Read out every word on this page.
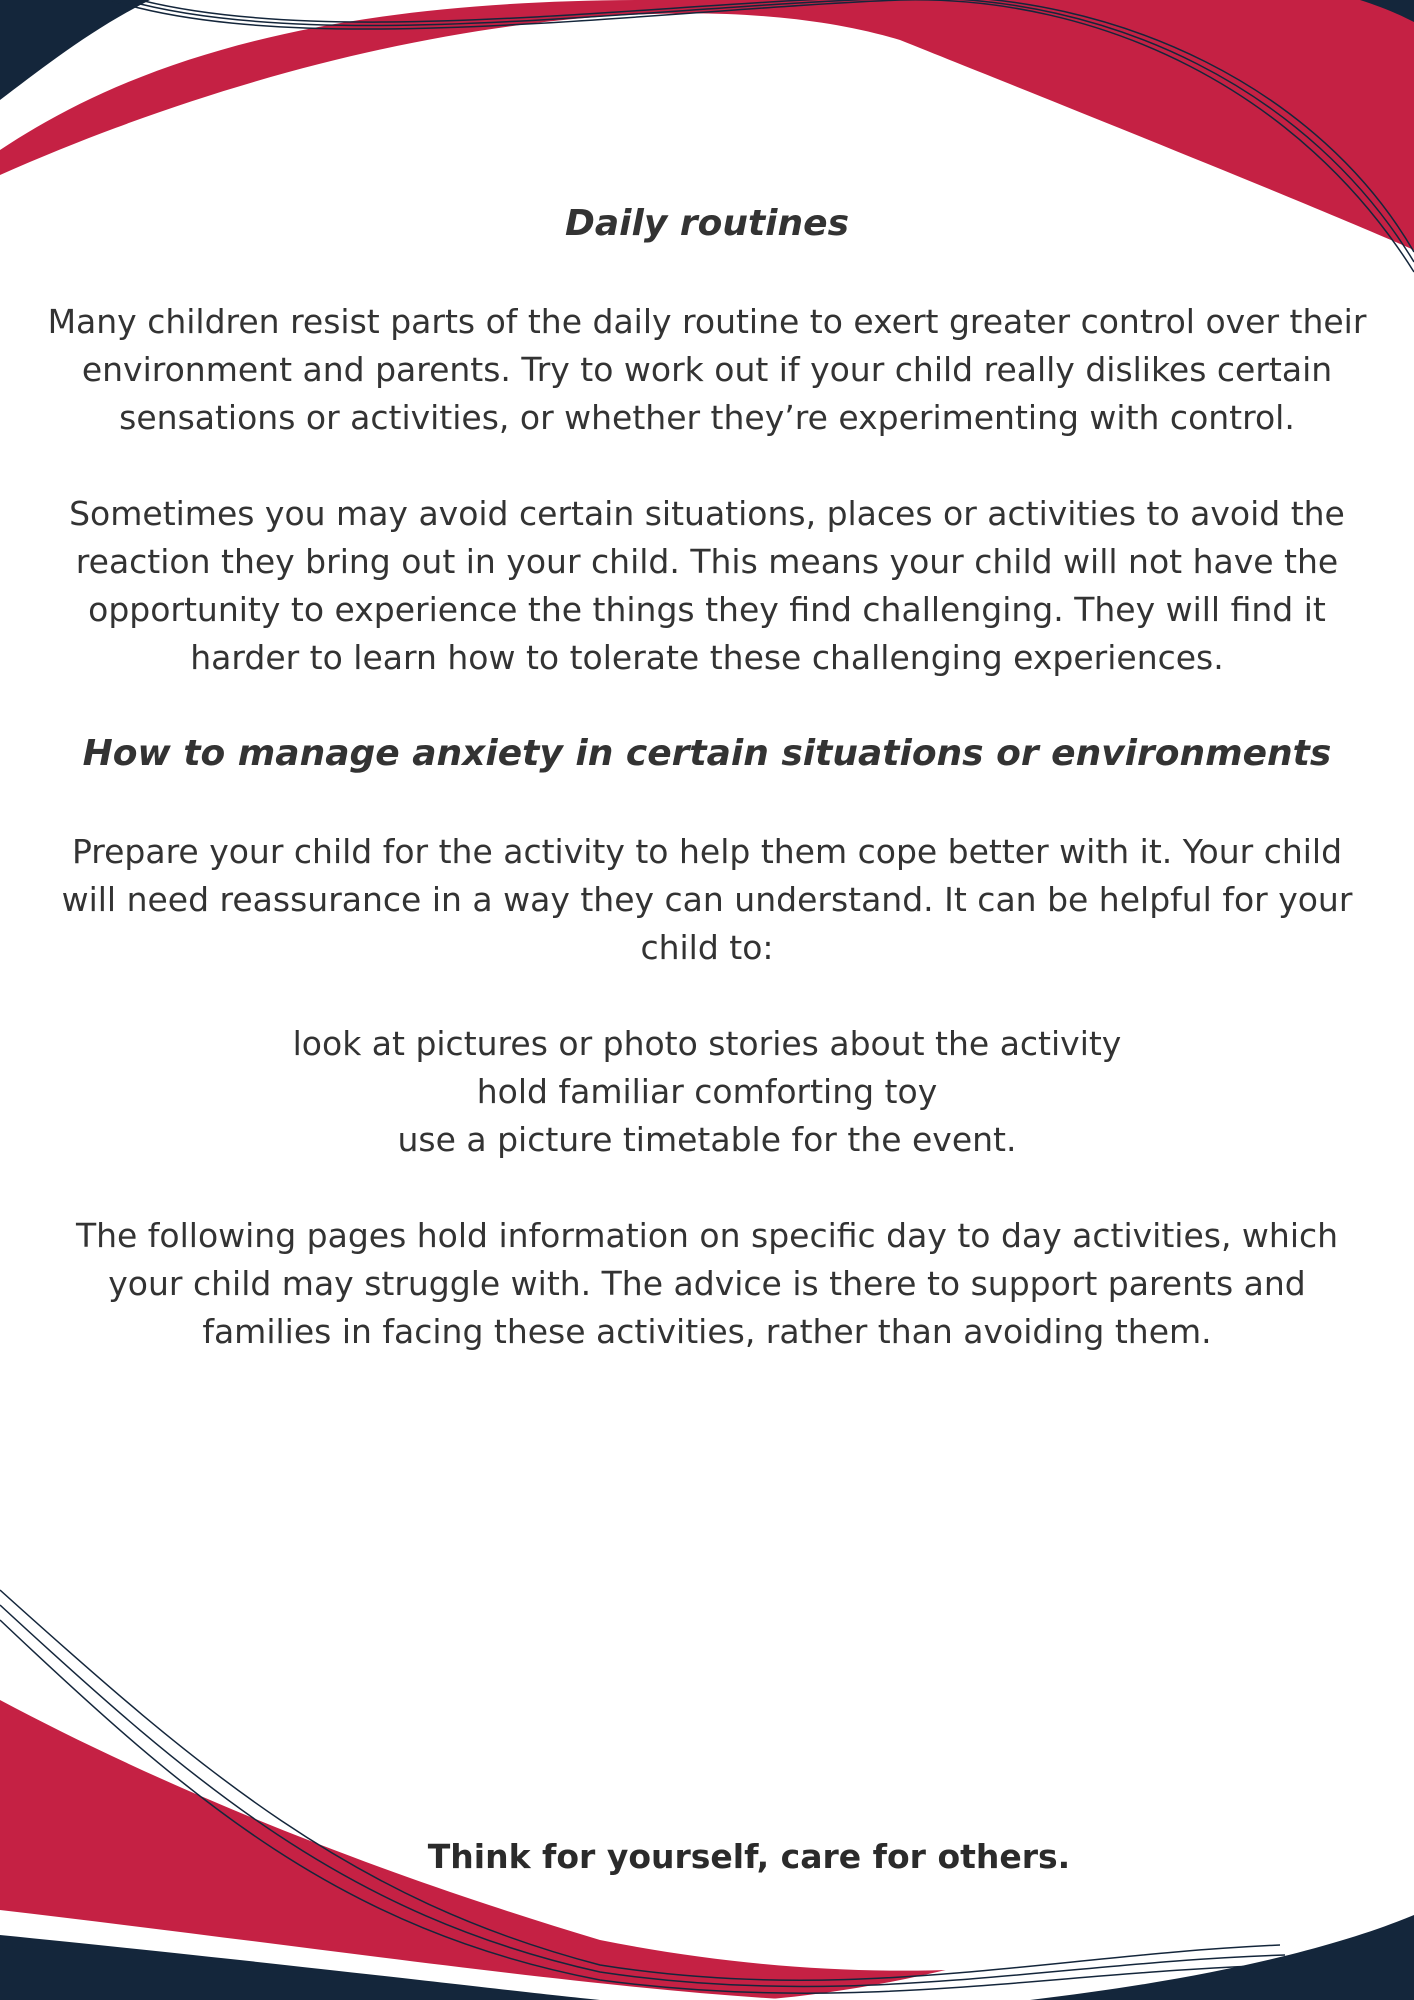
Daily routines

Many children resist parts of the daily routine to exert greater control over their environment and parents. Try to work out if your child really dislikes certain sensations or activities, or whether they’re experimenting with control.

Sometimes you may avoid certain situations, places or activities to avoid the reaction they bring out in your child. This means your child will not have the opportunity to experience the things they find challenging. They will find it harder to learn how to tolerate these challenging experiences.

How to manage anxiety in certain situations or environments

Prepare your child for the activity to help them cope better with it. Your child will need reassurance in a way they can understand. It can be helpful for your child to:

look at pictures or photo stories about the activity
hold familiar comforting toy
use a picture timetable for the event.

The following pages hold information on specific day to day activities, which your child may struggle with. The advice is there to support parents and families in facing these activities, rather than avoiding them.

Think for yourself, care for others.
